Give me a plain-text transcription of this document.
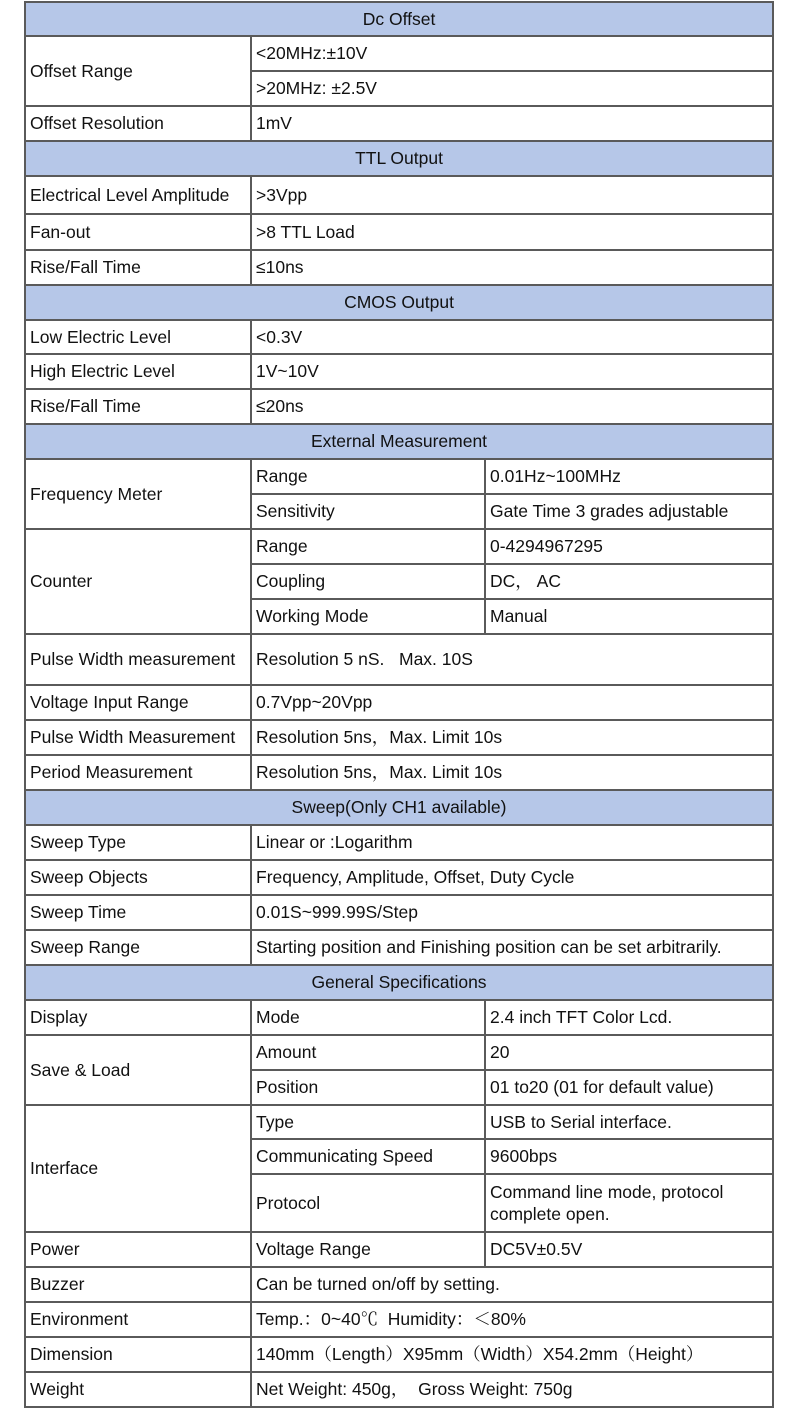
Dc Offset		
Offset Range	<20MHz:±10V	
	>20MHz: ±2.5V	
Offset Resolution	1mV	
TTL Output		
Electrical Level Amplitude	>3Vpp	
Fan-out	>8 TTL Load	
Rise/Fall Time	≤10ns	
CMOS Output		
Low Electric Level	<0.3V	
High Electric Level	1V~10V	
Rise/Fall Time	≤20ns	
External Measurement		
Frequency Meter	Range	0.01Hz~100MHz
	Sensitivity	Gate Time 3 grades adjustable
Counter	Range	0-4294967295
	Coupling	DC， AC
	Working Mode	Manual
Pulse Width measurement	Resolution 5 nS.   Max. 10S	
Voltage Input Range	0.7Vpp~20Vpp	
Pulse Width Measurement	Resolution 5ns，Max. Limit 10s	
Period Measurement	Resolution 5ns，Max. Limit 10s	
Sweep(Only CH1 available)		
Sweep Type	Linear or :Logarithm	
Sweep Objects	Frequency, Amplitude, Offset, Duty Cycle	
Sweep Time	0.01S~999.99S/Step	
Sweep Range	Starting position and Finishing position can be set arbitrarily.	
General Specifications		
Display	Mode	2.4 inch TFT Color Lcd.
Save & Load	Amount	20
	Position	01 to20 (01 for default value)
Interface	Type	USB to Serial interface.
	Communicating Speed	9600bps
	Protocol	Command line mode, protocol complete open.
Power	Voltage Range	DC5V±0.5V
Buzzer	Can be turned on/off by setting.	
Environment	Temp.：0~40℃  Humidity：＜80%	
Dimension	140mm（Length）X95mm（Width）X54.2mm（Height）	
Weight	Net Weight: 450g，  Gross Weight: 750g	
